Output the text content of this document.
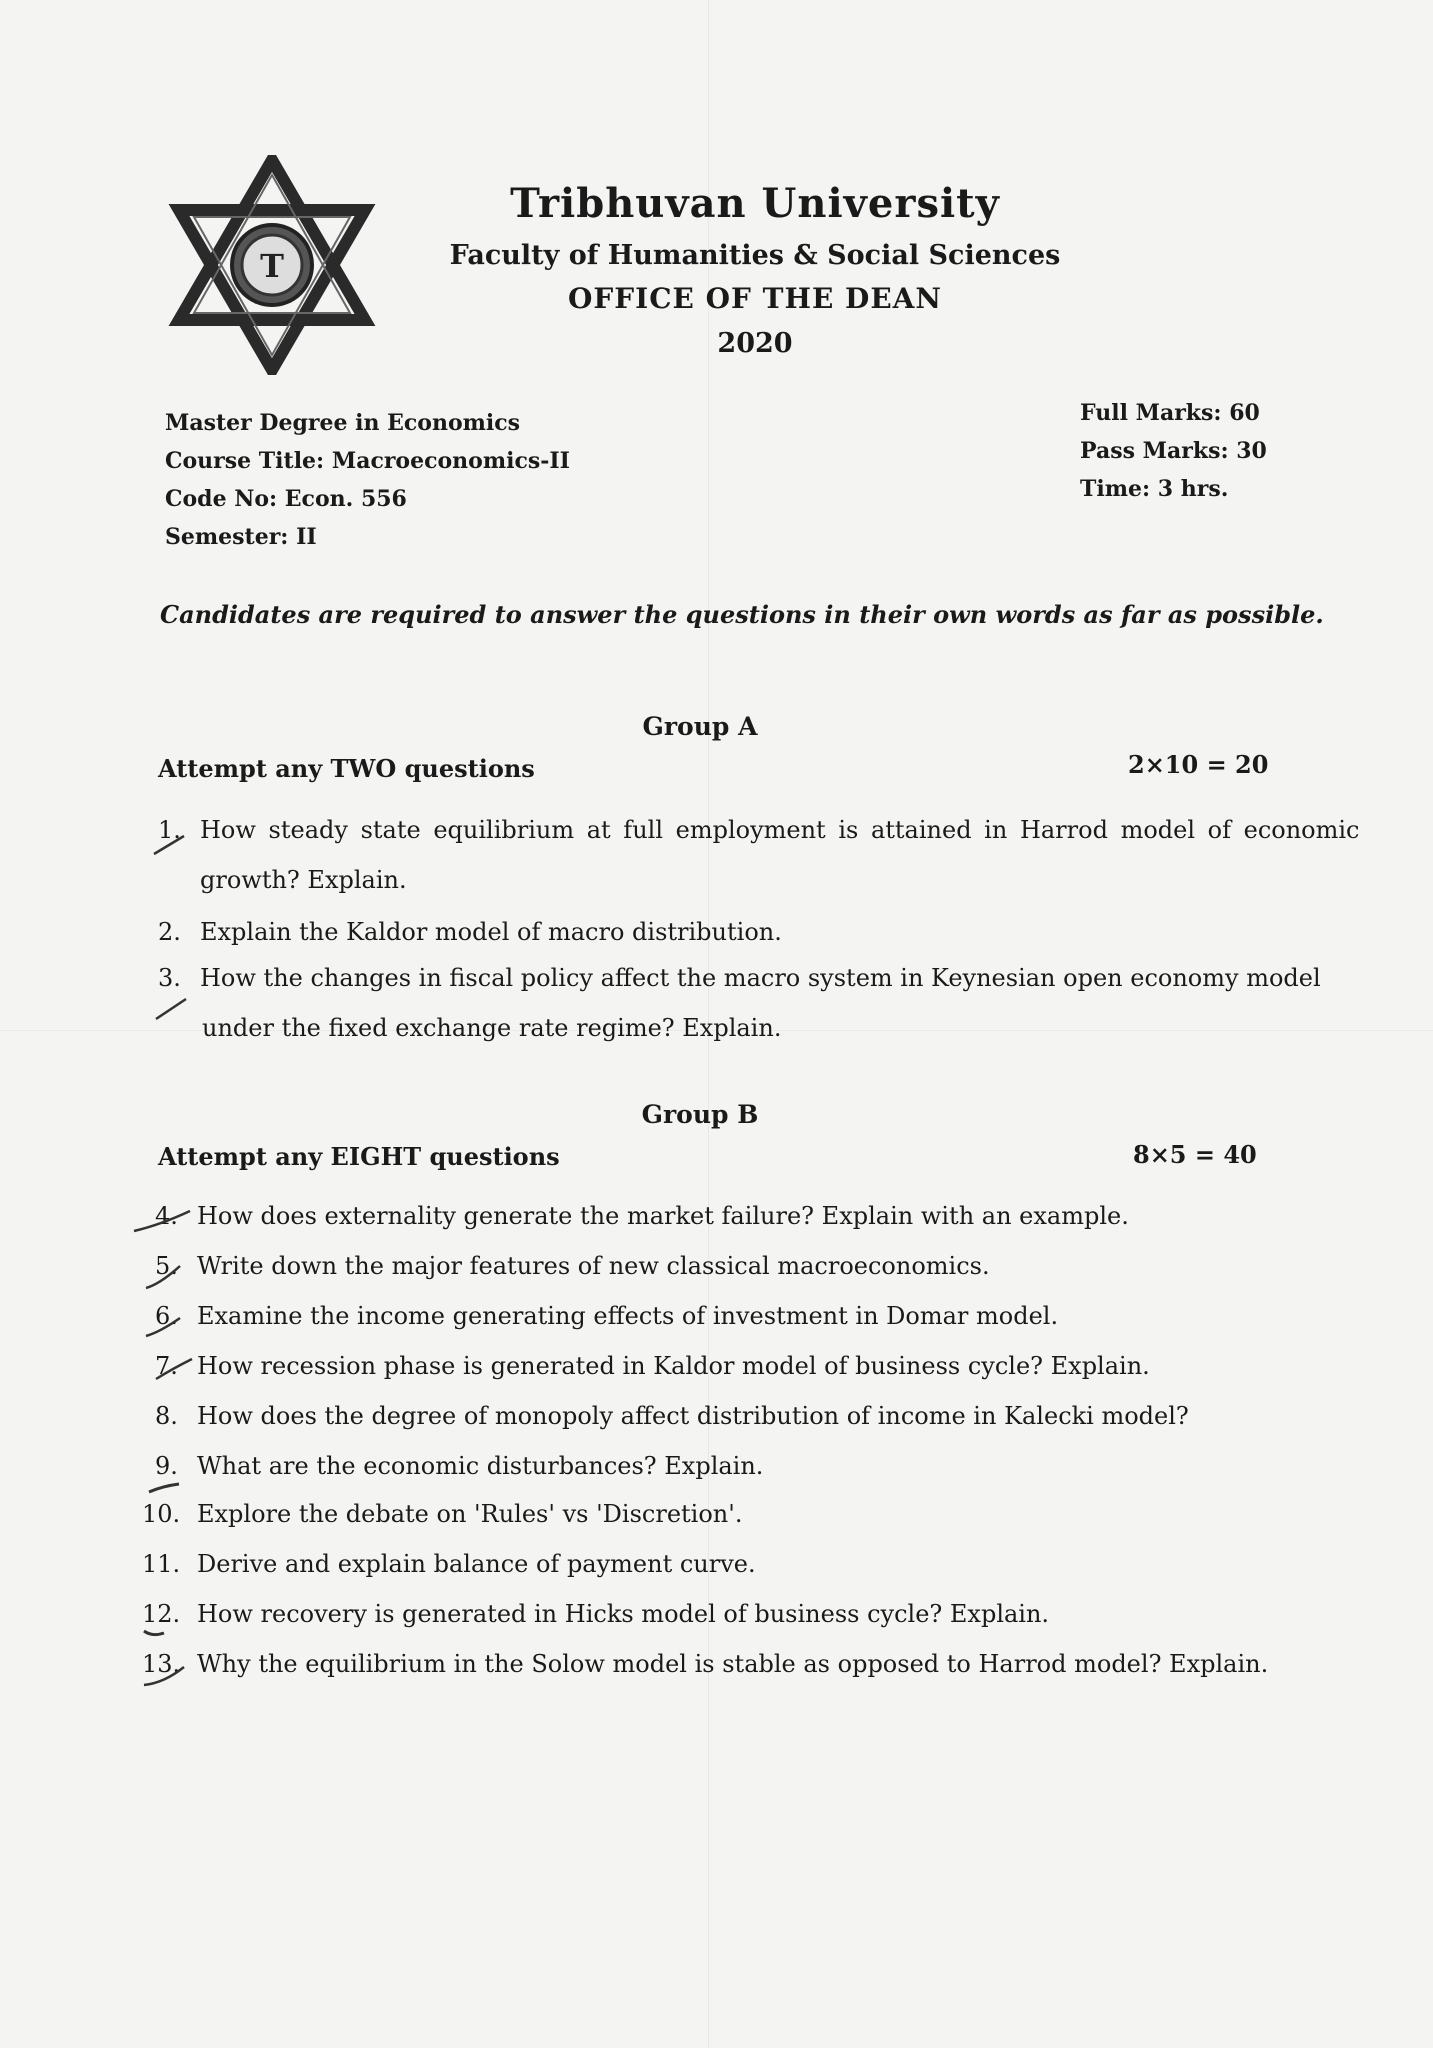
T
Tribhuvan University
Faculty of Humanities & Social Sciences
OFFICE OF THE DEAN
2020
Master Degree in Economics
Course Title: Macroeconomics-II
Code No: Econ. 556
Semester: II
Full Marks: 60
Pass Marks: 30
Time: 3 hrs.
Candidates are required to answer the questions in their own words as far as possible.
Group A
Attempt any TWO questions	2×10 = 20
1. How steady state equilibrium at full employment is attained in Harrod model of economic
growth? Explain.
2. Explain the Kaldor model of macro distribution.
3. How the changes in fiscal policy affect the macro system in Keynesian open economy model
under the fixed exchange rate regime? Explain.
Group B
Attempt any EIGHT questions	8×5 = 40
4. How does externality generate the market failure? Explain with an example.
5. Write down the major features of new classical macroeconomics.
6. Examine the income generating effects of investment in Domar model.
7. How recession phase is generated in Kaldor model of business cycle? Explain.
8. How does the degree of monopoly affect distribution of income in Kalecki model?
9. What are the economic disturbances? Explain.
10. Explore the debate on 'Rules' vs 'Discretion'.
11. Derive and explain balance of payment curve.
12. How recovery is generated in Hicks model of business cycle? Explain.
13. Why the equilibrium in the Solow model is stable as opposed to Harrod model? Explain.
